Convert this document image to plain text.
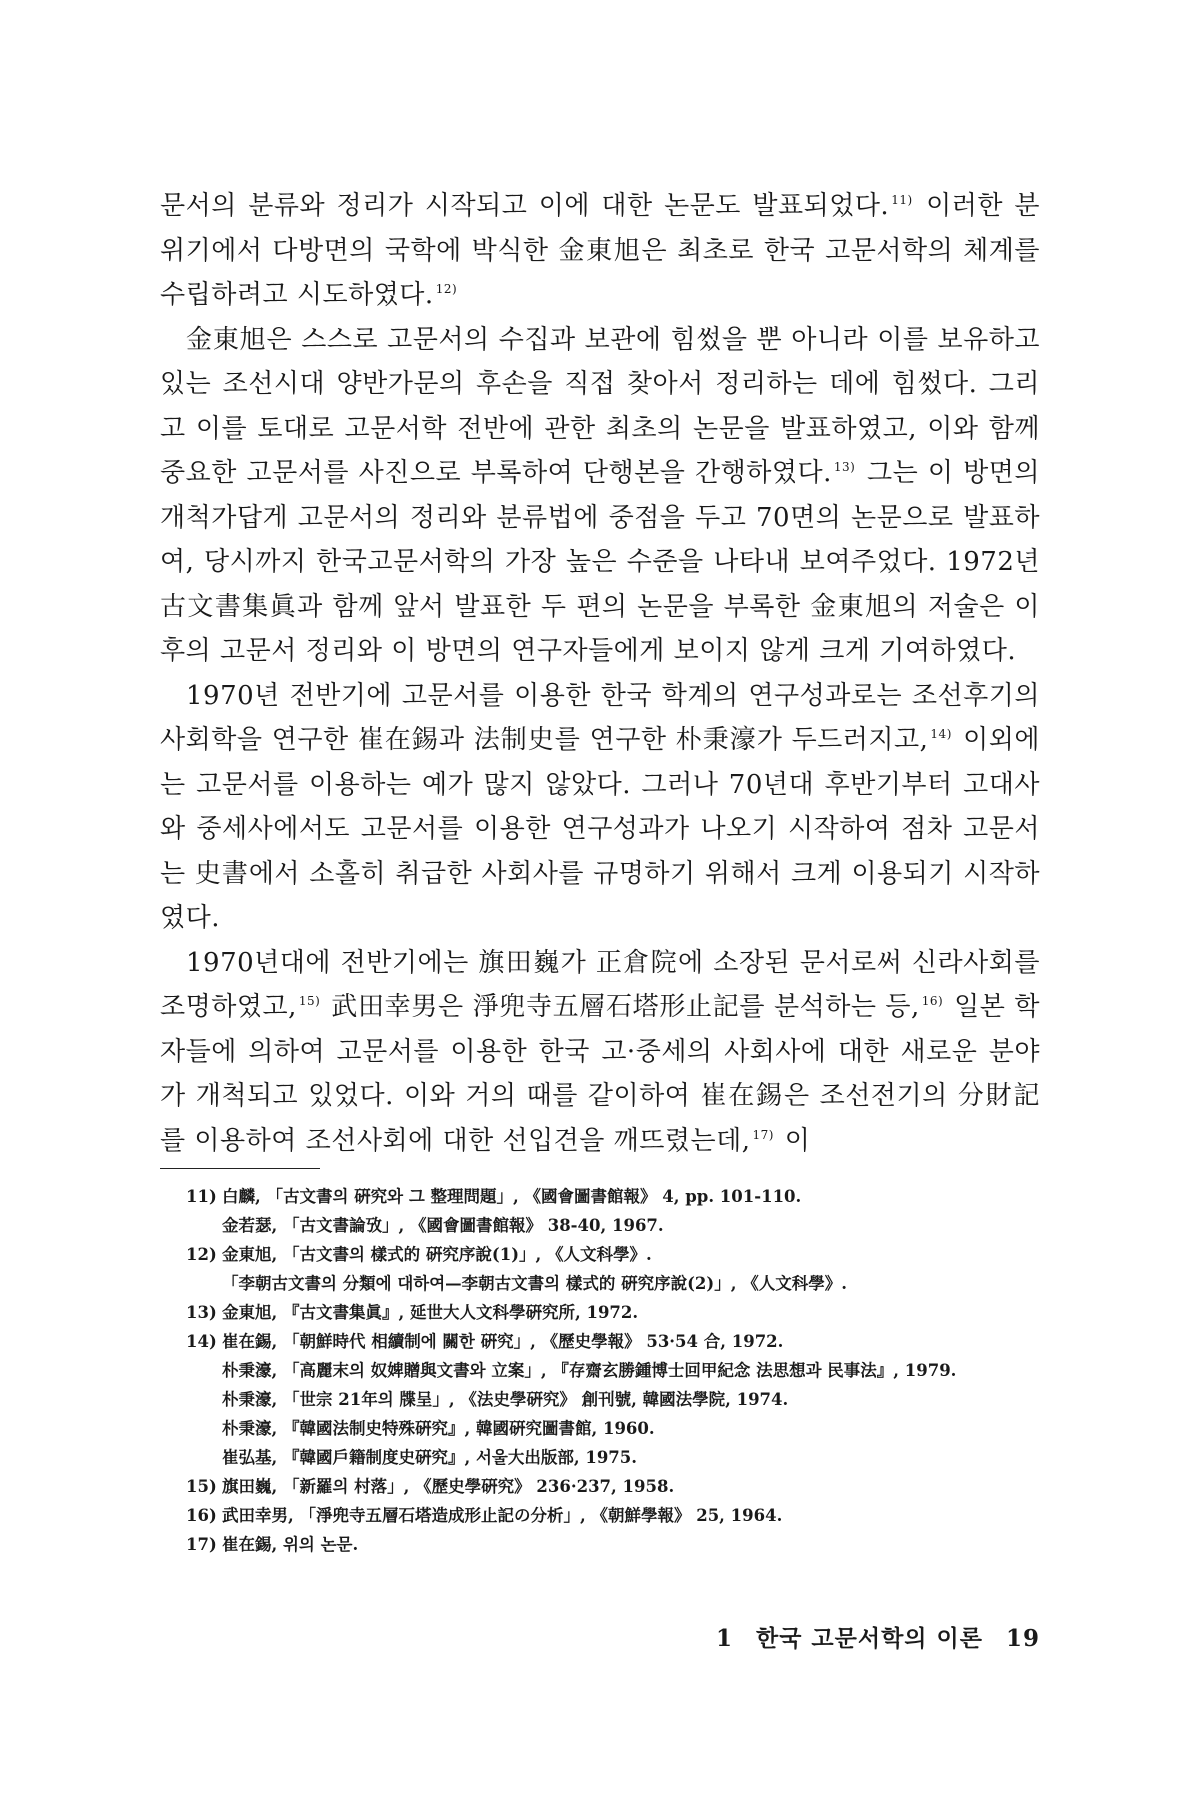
문서의 분류와 정리가 시작되고 이에 대한 논문도 발표되었다. $^{11)}$ 이러한 분위기에서 다방면의 국학에 박식한 金東旭은 최초로 한국 고문서학의 체계를 수립하려고 시도하였다. $^{12)}$

金東旭은 스스로 고문서의 수집과 보관에 힘썼을 뿐 아니라 이를 보유하고 있는 조선시대 양반가문의 후손을 직접 찾아서 정리하는 데에 힘썼다. 그리고 이를 토대로 고문서학 전반에 관한 최초의 논문을 발표하였고, 이와 함께 중요한 고문서를 사진으로 부록하여 단행본을 간행하였다. $^{13)}$ 그는 이 방면의 개척가답게 고문서의 정리와 분류법에 중점을 두고 70면의 논문으로 발표하여, 당시까지 한국고문서학의 가장 높은 수준을 나타내 보여주었다. 1972년 古文書集眞과 함께 앞서 발표한 두 편의 논문을 부록한 金東旭의 저술은 이후의 고문서 정리와 이 방면의 연구자들에게 보이지 않게 크게 기여하였다.

1970년 전반기에 고문서를 이용한 한국 학계의 연구성과로는 조선후기의 사회학을 연구한 崔在錫과 法制史를 연구한 朴秉濠가 두드러지고, $^{14)}$ 이외에는 고문서를 이용하는 예가 많지 않았다. 그러나 70년대 후반기부터 고대사와 중세사에서도 고문서를 이용한 연구성과가 나오기 시작하여 점차 고문서는 史書에서 소홀히 취급한 사회사를 규명하기 위해서 크게 이용되기 시작하였다.

1970년대에 전반기에는 旗田巍가 正倉院에 소장된 문서로써 신라사회를 조명하였고, $^{15)}$ 武田幸男은 淨兜寺五層石塔形止記를 분석하는 등, $^{16)}$ 일본 학자들에 의하여 고문서를 이용한 한국 고·중세의 사회사에 대한 새로운 분야가 개척되고 있었다. 이와 거의 때를 같이하여 崔在錫은 조선전기의 分財記를 이용하여 조선사회에 대한 선입견을 깨뜨렸는데, $^{17)}$ 이

11) 白麟, 「古文書의 硏究와 그 整理問題」, 《國會圖書館報》 4, pp. 101-110.
金若瑟, 「古文書論攷」, 《國會圖書館報》 38-40, 1967.
12) 金東旭, 「古文書의 樣式的 硏究序說(1)」, 《人文科學》.
「李朝古文書의 分類에 대하여—李朝古文書의 樣式的 硏究序說(2)」, 《人文科學》.
13) 金東旭, 『古文書集眞』, 延世大人文科學硏究所, 1972.
14) 崔在錫, 「朝鮮時代 相續制에 關한 硏究」, 《歷史學報》 53·54 合, 1972.
朴秉濠, 「高麗末의 奴婢贈與文書와 立案」, 『存齋玄勝鍾博士回甲紀念 法思想과 民事法』, 1979.
朴秉濠, 「世宗 21年의 牒呈」, 《法史學硏究》 創刊號, 韓國法學院, 1974.
朴秉濠, 『韓國法制史特殊硏究』, 韓國硏究圖書館, 1960.
崔弘基, 『韓國戶籍制度史硏究』, 서울大出版部, 1975.
15) 旗田巍, 「新羅의 村落」, 《歷史學硏究》 236·237, 1958.
16) 武田幸男, 「淨兜寺五層石塔造成形止記の分析」, 《朝鮮學報》 25, 1964.
17) 崔在錫, 위의 논문.
1 한국 고문서학의 이론 19
